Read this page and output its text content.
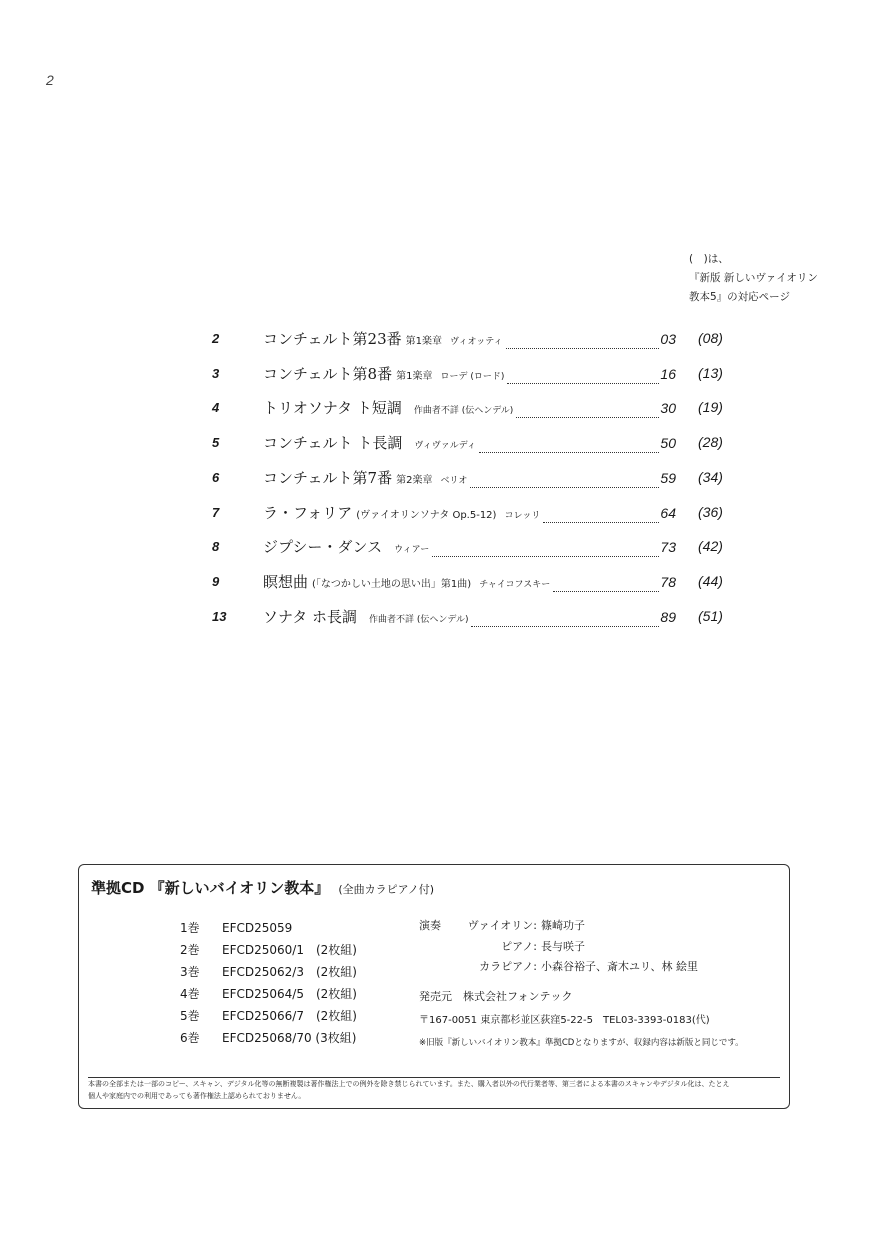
2
(　)は、
『新版 新しいヴァイオリン
教本5』の対応ページ
2	コンチェルト第23番 第1楽章 ヴィオッティ	03 (08)
3	コンチェルト第8番 第1楽章 ローデ (ロード)	16 (13)
4	トリオソナタ ト短調 作曲者不詳 (伝ヘンデル)	30 (19)
5	コンチェルト ト長調 ヴィヴァルディ	50 (28)
6	コンチェルト第7番 第2楽章 ベリオ	59 (34)
7	ラ・フォリア (ヴァイオリンソナタ Op.5-12) コレッリ	64 (36)
8	ジプシー・ダンス ウィアー	73 (42)
9	瞑想曲 (「なつかしい土地の思い出」第1曲) チャイコフスキー	78 (44)
13 ソナタ ホ長調 作曲者不詳 (伝ヘンデル)	89 (51)
準拠CD 『新しいバイオリン教本』 (全曲カラピアノ付)
1巻 EFCD25059
2巻 EFCD25060/1　(2枚組)
3巻 EFCD25062/3　(2枚組)
4巻 EFCD25064/5　(2枚組)
5巻 EFCD25066/7　(2枚組)
6巻 EFCD25068/70 (3枚組)
演奏	ヴァイオリン: 篠崎功子
ピアノ: 長与咲子
カラピアノ: 小森谷裕子、斎木ユリ、林 絵里
発売元　株式会社フォンテック
〒167-0051 東京都杉並区荻窪5-22-5　TEL03-3393-0183(代)
※旧版『新しいバイオリン教本』準拠CDとなりますが、収録内容は新版と同じです。
本書の全部または一部のコピー、スキャン、デジタル化等の無断複製は著作権法上での例外を除き禁じられています。また、購入者以外の代行業者等、第三者による本書のスキャンやデジタル化は、たとえ
個人や家庭内での利用であっても著作権法上認められておりません。
